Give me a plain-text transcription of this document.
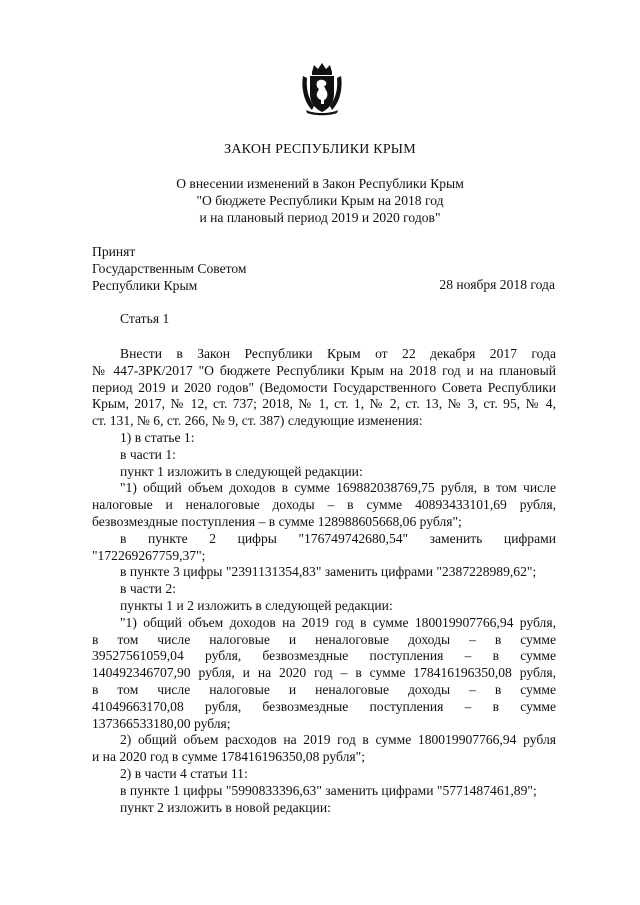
ЗАКОН РЕСПУБЛИКИ КРЫМ
О внесении изменений в Закон Республики Крым
"О бюджете Республики Крым на 2018 год
и на плановый период 2019 и 2020 годов"
Принят
Государственным Советом
Республики Крым	28 ноября 2018 года
Статья 1
Внести в Закон Республики Крым от 22 декабря 2017 года
№ 447-ЗРК/2017 "О бюджете Республики Крым на 2018 год и на плановый
период 2019 и 2020 годов" (Ведомости Государственного Совета Республики
Крым, 2017, № 12, ст. 737; 2018, № 1, ст. 1, № 2, ст. 13, № 3, ст. 95, № 4,
ст. 131, № 6, ст. 266, № 9, ст. 387) следующие изменения:
1) в статье 1:
в части 1:
пункт 1 изложить в следующей редакции:
"1) общий объем доходов в сумме 169882038769,75 рубля, в том числе
налоговые и неналоговые доходы – в сумме 40893433101,69 рубля,
безвозмездные поступления – в сумме 128988605668,06 рубля";
в пункте 2 цифры "176749742680,54" заменить цифрами
"172269267759,37";
в пункте 3 цифры "2391131354,83" заменить цифрами "2387228989,62";
в части 2:
пункты 1 и 2 изложить в следующей редакции:
"1) общий объем доходов на 2019 год в сумме 180019907766,94 рубля,
в том числе налоговые и неналоговые доходы – в сумме
39527561059,04 рубля, безвозмездные поступления – в сумме
140492346707,90 рубля, и на 2020 год – в сумме 178416196350,08 рубля,
в том числе налоговые и неналоговые доходы – в сумме
41049663170,08 рубля, безвозмездные поступления – в сумме
137366533180,00 рубля;
2) общий объем расходов на 2019 год в сумме 180019907766,94 рубля
и на 2020 год в сумме 178416196350,08 рубля";
2) в части 4 статьи 11:
в пункте 1 цифры "5990833396,63" заменить цифрами "5771487461,89";
пункт 2 изложить в новой редакции:
